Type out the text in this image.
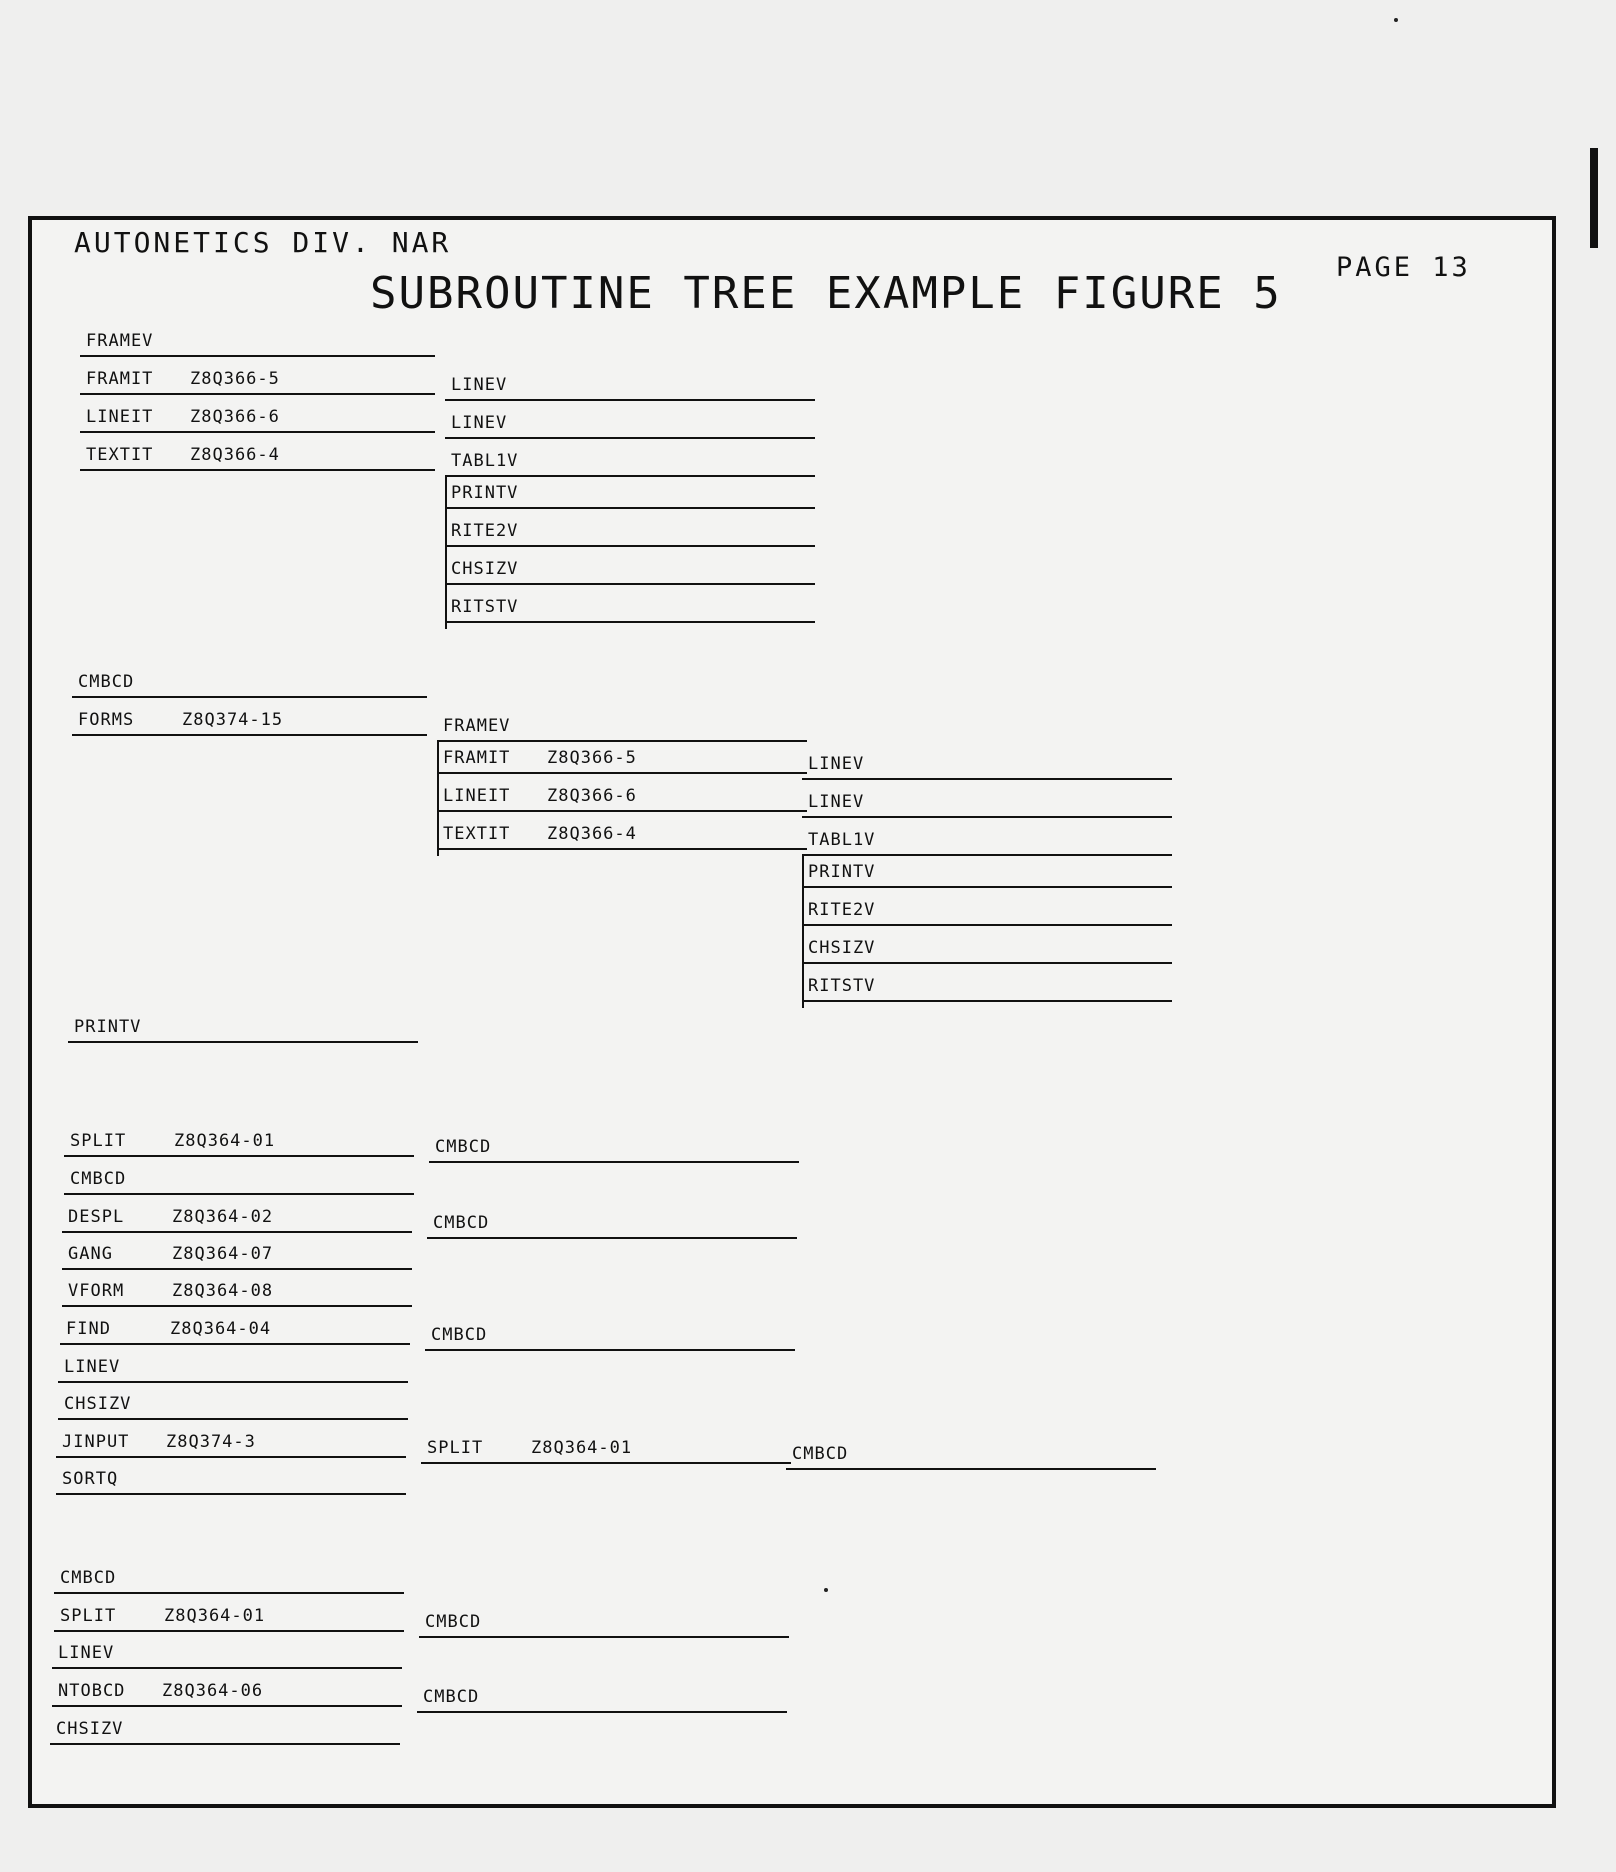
AUTONETICS DIV. NAR
PAGE 13
SUBROUTINE TREE EXAMPLE FIGURE 5
FRAMEV
FRAMIT Z8Q366-5	LINEV
LINEIT Z8Q366-6	LINEV
TEXTIT Z8Q366-4	TABL1V
PRINTV
RITE2V
CHSIZV
RITSTV
CMBCD
FORMS	Z8Q374-15	FRAMEV
FRAMIT Z8Q366-5	LINEV
LINEIT Z8Q366-6	LINEV
TEXTIT Z8Q366-4	TABL1V
PRINTV
RITE2V
CHSIZV
RITSTV
PRINTV
SPLIT	Z8Q364-01	CMBCD
CMBCD
DESPL	Z8Q364-02	CMBCD
GANG	Z8Q364-07
VFORM	Z8Q364-08
FIND	Z8Q364-04	CMBCD
LINEV
CHSIZV
JINPUT Z8Q374-3	SPLIT	Z8Q364-01	CMBCD
SORTQ
CMBCD
SPLIT	Z8Q364-01	CMBCD
LINEV
NTOBCD Z8Q364-06	CMBCD
CHSIZV
